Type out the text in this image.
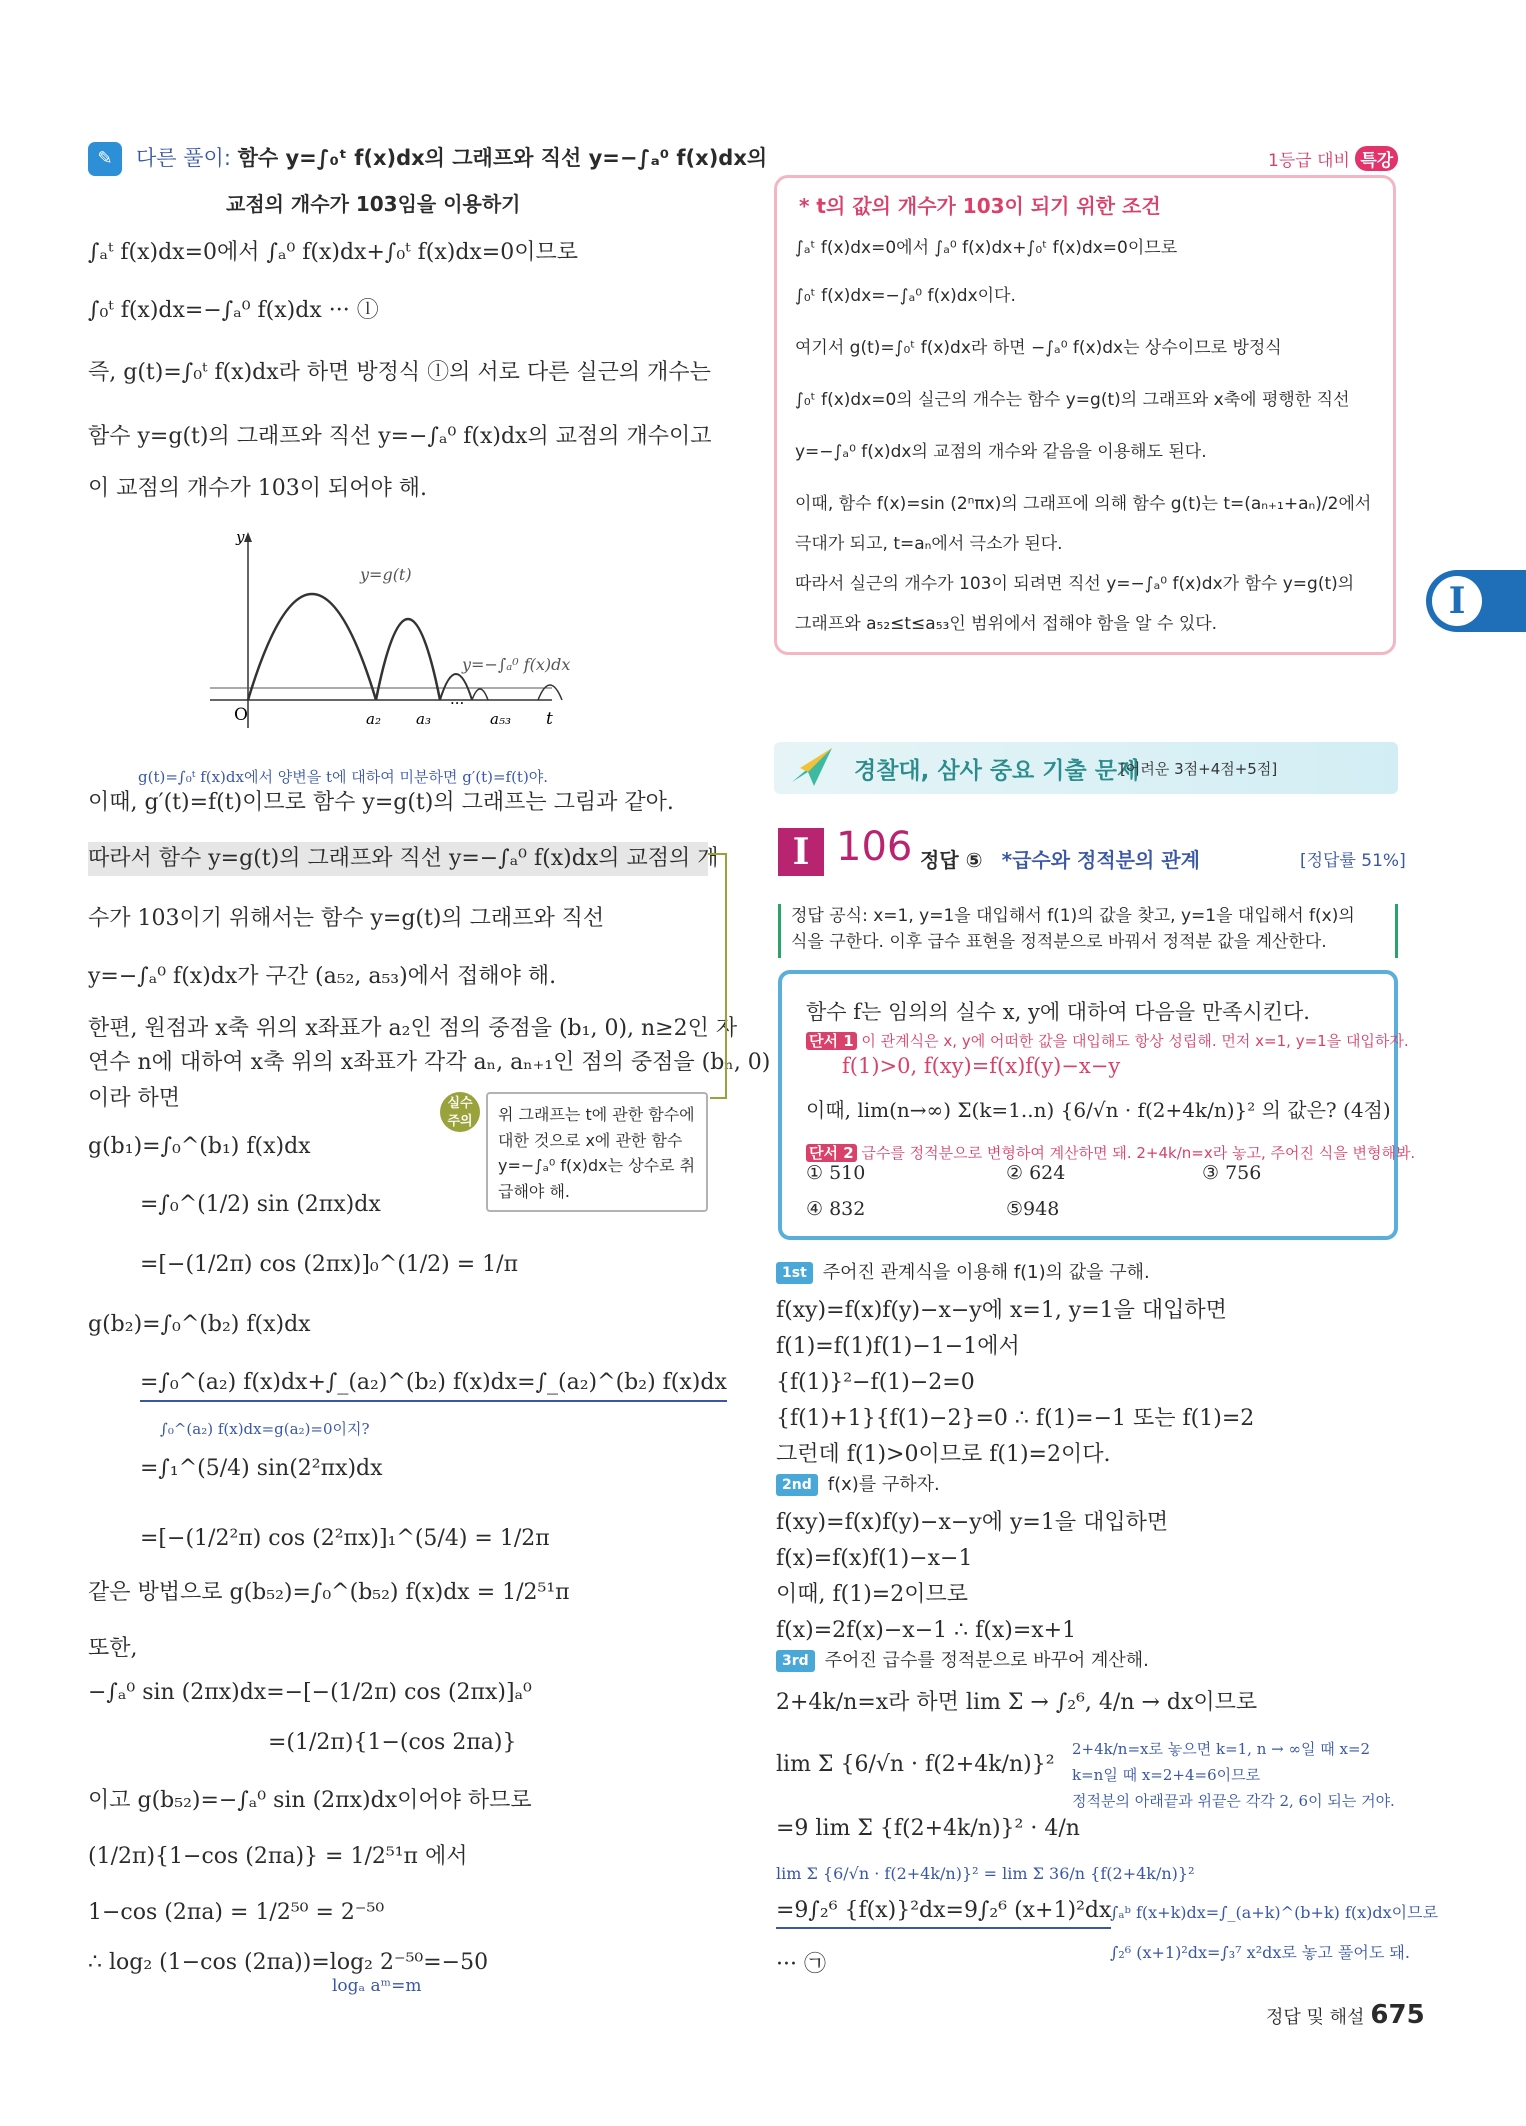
✎	다른 풀이: 함수 y=∫₀ᵗ f(x)dx의 그래프와 직선 y=−∫ₐ⁰ f(x)dx의
교점의 개수가 103임을 이용하기
∫ₐᵗ f(x)dx=0에서 ∫ₐ⁰ f(x)dx+∫₀ᵗ f(x)dx=0이므로
∫₀ᵗ f(x)dx=−∫ₐ⁰ f(x)dx ··· ⓛ
즉, g(t)=∫₀ᵗ f(x)dx라 하면 방정식 ⓛ의 서로 다른 실근의 개수는
함수 y=g(t)의 그래프와 직선 y=−∫ₐ⁰ f(x)dx의 교점의 개수이고
이 교점의 개수가 103이 되어야 해.
y
t
O
y=g(t)
y=−∫ₐ⁰ f(x)dx
a₂ a₃
···
a₅₃
g(t)=∫₀ᵗ f(x)dx에서 양변을 t에 대하여 미분하면 g′(t)=f(t)야.
이때, g′(t)=f(t)이므로 함수 y=g(t)의 그래프는 그림과 같아.
따라서 함수 y=g(t)의 그래프와 직선 y=−∫ₐ⁰ f(x)dx의 교점의 개
수가 103이기 위해서는 함수 y=g(t)의 그래프와 직선
y=−∫ₐ⁰ f(x)dx가 구간 (a₅₂, a₅₃)에서 접해야 해.
한편, 원점과 x축 위의 x좌표가 a₂인 점의 중점을 (b₁, 0), n≥2인 자
연수 n에 대하여 x축 위의 x좌표가 각각 aₙ, aₙ₊₁인 점의 중점을 (bₙ, 0)
이라 하면	실수 주의	위 그래프는 t에 관한 함수에 대한 것으로 x에 관한 함수 y=−∫ₐ⁰ f(x)dx는 상수로 취급해야 해.
g(b₁)=∫₀^(b₁) f(x)dx
=∫₀^(1/2) sin (2πx)dx
=[−(1/2π) cos (2πx)]₀^(1/2) = 1/π
g(b₂)=∫₀^(b₂) f(x)dx
=∫₀^(a₂) f(x)dx+∫_(a₂)^(b₂) f(x)dx=∫_(a₂)^(b₂) f(x)dx
∫₀^(a₂) f(x)dx=g(a₂)=0이지?
=∫₁^(5/4) sin(2²πx)dx
=[−(1/2²π) cos (2²πx)]₁^(5/4) = 1/2π
같은 방법으로 g(b₅₂)=∫₀^(b₅₂) f(x)dx = 1/2⁵¹π
또한,
−∫ₐ⁰ sin (2πx)dx=−[−(1/2π) cos (2πx)]ₐ⁰
=(1/2π){1−(cos 2πa)}
이고 g(b₅₂)=−∫ₐ⁰ sin (2πx)dx이어야 하므로
(1/2π){1−cos (2πa)} = 1/2⁵¹π 에서
1−cos (2πa) = 1/2⁵⁰ = 2⁻⁵⁰
∴ log₂ (1−cos (2πa))=log₂ 2⁻⁵⁰=−50
logₐ aᵐ=m
1등급 대비 특강
* t의 값의 개수가 103이 되기 위한 조건
∫ₐᵗ f(x)dx=0에서 ∫ₐ⁰ f(x)dx+∫₀ᵗ f(x)dx=0이므로
∫₀ᵗ f(x)dx=−∫ₐ⁰ f(x)dx이다.
여기서 g(t)=∫₀ᵗ f(x)dx라 하면 −∫ₐ⁰ f(x)dx는 상수이므로 방정식
∫₀ᵗ f(x)dx=0의 실근의 개수는 함수 y=g(t)의 그래프와 x축에 평행한 직선
y=−∫ₐ⁰ f(x)dx의 교점의 개수와 같음을 이용해도 된다.
이때, 함수 f(x)=sin (2ⁿπx)의 그래프에 의해 함수 g(t)는 t=(aₙ₊₁+aₙ)/2에서
극대가 되고, t=aₙ에서 극소가 된다.
따라서 실근의 개수가 103이 되려면 직선 y=−∫ₐ⁰ f(x)dx가 함수 y=g(t)의
그래프와 a₅₂≤t≤a₅₃인 범위에서 접해야 함을 알 수 있다.
I
경찰대, 삼사 중요 기출 문제
[어려운 3점+4점+5점]
I 106 정답 ⑤ *급수와 정적분의 관계	[정답률 51%]
정답 공식: x=1, y=1을 대입해서 f(1)의 값을 찾고, y=1을 대입해서 f(x)의
식을 구한다. 이후 급수 표현을 정적분으로 바꿔서 정적분 값을 계산한다.
함수 f는 임의의 실수 x, y에 대하여 다음을 만족시킨다.
단서 1 이 관계식은 x, y에 어떠한 값을 대입해도 항상 성립해. 먼저 x=1, y=1을 대입하자.
f(1)>0, f(xy)=f(x)f(y)−x−y
이때, lim(n→∞) Σ(k=1..n) {6/√n · f(2+4k/n)}² 의 값은? (4점)
단서 2 급수를 정적분으로 변형하여 계산하면 돼. 2+4k/n=x라 놓고, 주어진 식을 변형해봐.
① 510	② 624	③ 756
④ 832	⑤948
1st 주어진 관계식을 이용해 f(1)의 값을 구해.
f(xy)=f(x)f(y)−x−y에 x=1, y=1을 대입하면
f(1)=f(1)f(1)−1−1에서
{f(1)}²−f(1)−2=0
{f(1)+1}{f(1)−2}=0 ∴ f(1)=−1 또는 f(1)=2
그런데 f(1)>0이므로 f(1)=2이다.
2nd f(x)를 구하자.
f(xy)=f(x)f(y)−x−y에 y=1을 대입하면
f(x)=f(x)f(1)−x−1
이때, f(1)=2이므로
f(x)=2f(x)−x−1 ∴ f(x)=x+1
3rd 주어진 급수를 정적분으로 바꾸어 계산해.
2+4k/n=x라 하면 lim Σ → ∫₂⁶, 4/n → dx이므로
2+4k/n=x로 놓으면 k=1, n → ∞일 때 x=2
k=n일 때 x=2+4=6이므로
정적분의 아래끝과 위끝은 각각 2, 6이 되는 거야.
lim Σ {6/√n · f(2+4k/n)}²
=9 lim Σ {f(2+4k/n)}² · 4/n
lim Σ {6/√n · f(2+4k/n)}² = lim Σ 36/n {f(2+4k/n)}²
=9∫₂⁶ {f(x)}²dx=9∫₂⁶ (x+1)²dx
∫ₐᵇ f(x+k)dx=∫_(a+k)^(b+k) f(x)dx이므로
∫₂⁶ (x+1)²dx=∫₃⁷ x²dx로 놓고 풀어도 돼.
··· ㉠
정답 및 해설 675
